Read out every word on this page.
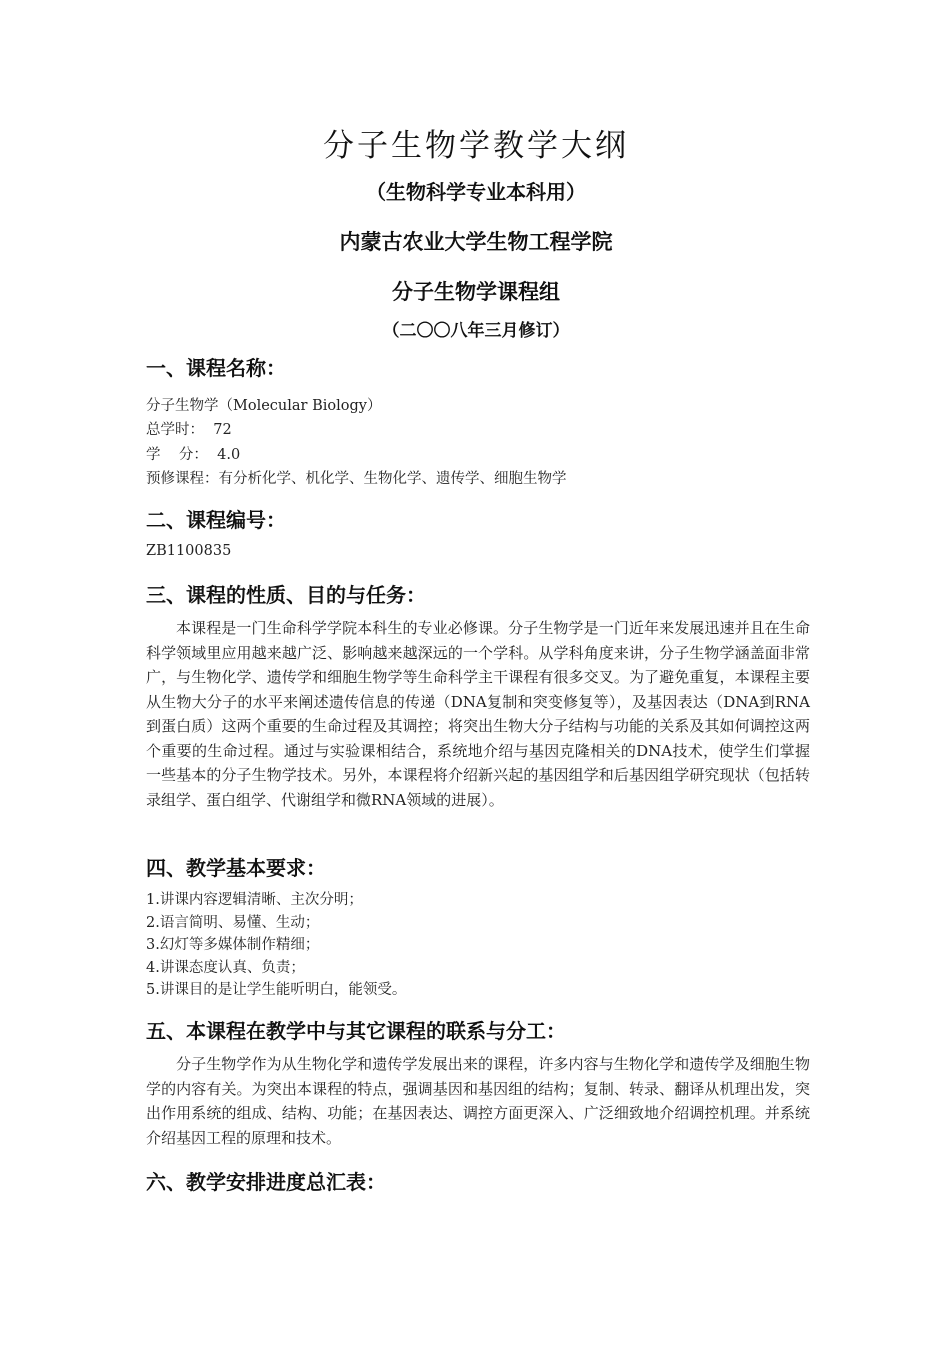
分子生物学教学大纲
（生物科学专业本科用）
内蒙古农业大学生物工程学院
分子生物学课程组
（二〇〇八年三月修订）
一、课程名称：
分子生物学（Molecular Biology）
总学时：  72
学    分：  4.0
预修课程：有分析化学、机化学、生物化学、遗传学、细胞生物学
二、课程编号：
ZB1100835
三、课程的性质、目的与任务：
本课程是一门生命科学学院本科生的专业必修课。分子生物学是一门近年来发展迅速并且在生命科学领域里应用越来越广泛、影响越来越深远的一个学科。从学科角度来讲，分子生物学涵盖面非常广，与生物化学、遗传学和细胞生物学等生命科学主干课程有很多交叉。为了避免重复，本课程主要从生物大分子的水平来阐述遗传信息的传递（DNA复制和突变修复等），及基因表达（DNA到RNA到蛋白质）这两个重要的生命过程及其调控；将突出生物大分子结构与功能的关系及其如何调控这两个重要的生命过程。通过与实验课相结合，系统地介绍与基因克隆相关的DNA技术，使学生们掌握一些基本的分子生物学技术。另外，本课程将介绍新兴起的基因组学和后基因组学研究现状（包括转录组学、蛋白组学、代谢组学和微RNA领域的进展）。
四、教学基本要求：
1.讲课内容逻辑清晰、主次分明；
2.语言简明、易懂、生动；
3.幻灯等多媒体制作精细；
4.讲课态度认真、负责；
5.讲课目的是让学生能听明白，能领受。
五、本课程在教学中与其它课程的联系与分工：
分子生物学作为从生物化学和遗传学发展出来的课程，许多内容与生物化学和遗传学及细胞生物学的内容有关。为突出本课程的特点，强调基因和基因组的结构；复制、转录、翻译从机理出发，突出作用系统的组成、结构、功能；在基因表达、调控方面更深入、广泛细致地介绍调控机理。并系统介绍基因工程的原理和技术。
六、教学安排进度总汇表：
